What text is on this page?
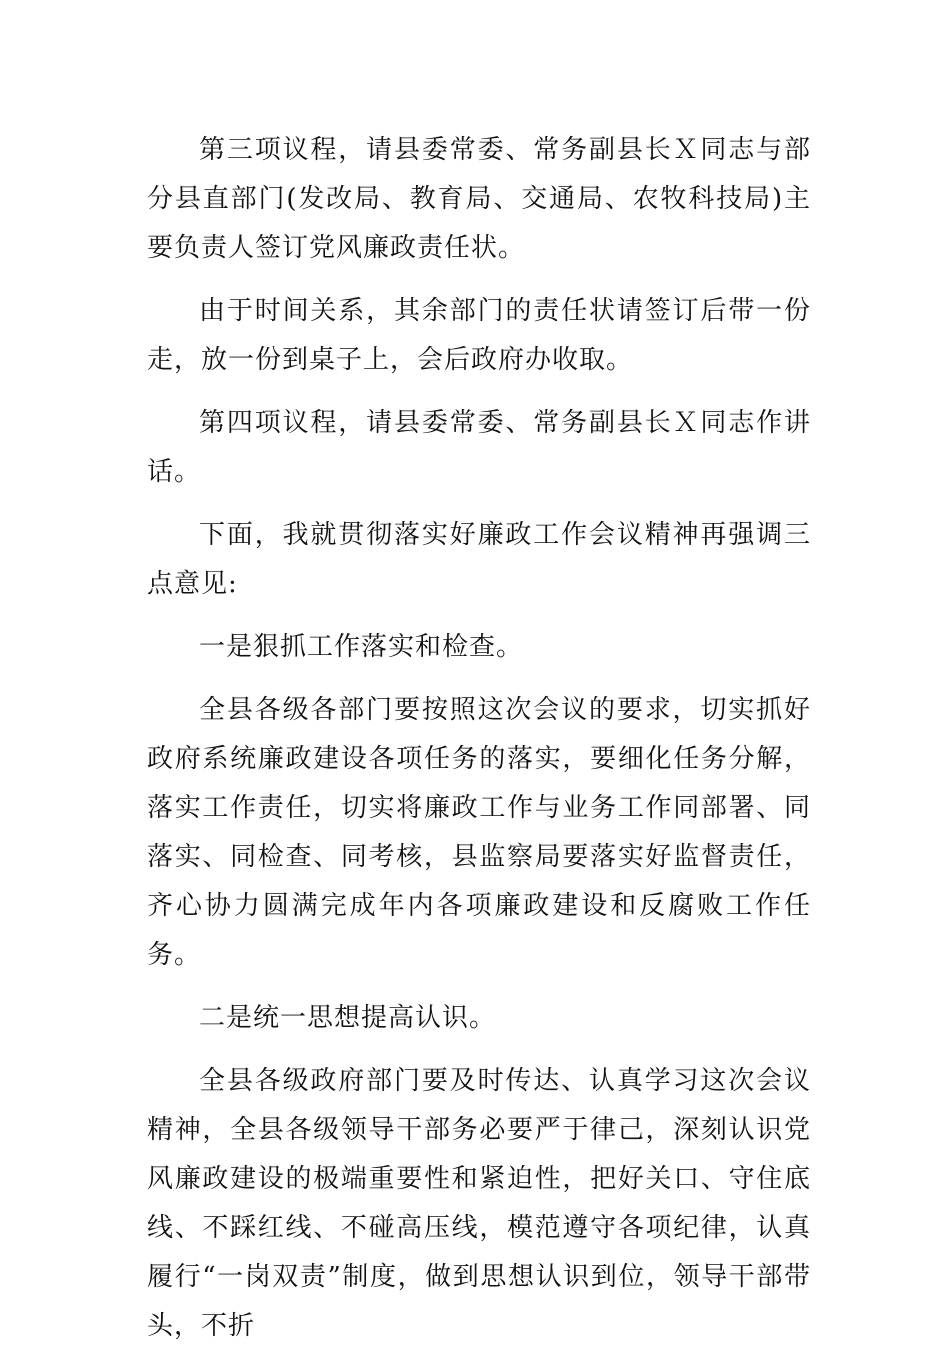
第三项议程，请县委常委、常务副县长Ｘ同志与部分县直部门(发改局、教育局、交通局、农牧科技局)主要负责人签订党风廉政责任状。

由于时间关系，其余部门的责任状请签订后带一份走，放一份到桌子上，会后政府办收取。

第四项议程，请县委常委、常务副县长Ｘ同志作讲话。

下面，我就贯彻落实好廉政工作会议精神再强调三点意见:

一是狠抓工作落实和检查。

全县各级各部门要按照这次会议的要求，切实抓好政府系统廉政建设各项任务的落实，要细化任务分解，落实工作责任，切实将廉政工作与业务工作同部署、同落实、同检查、同考核，县监察局要落实好监督责任，齐心协力圆满完成年内各项廉政建设和反腐败工作任务。

二是统一思想提高认识。

全县各级政府部门要及时传达、认真学习这次会议精神，全县各级领导干部务必要严于律己，深刻认识党风廉政建设的极端重要性和紧迫性，把好关口、守住底线、不踩红线、不碰高压线，模范遵守各项纪律，认真履行“一岗双责”制度，做到思想认识到位，领导干部带头，不折
